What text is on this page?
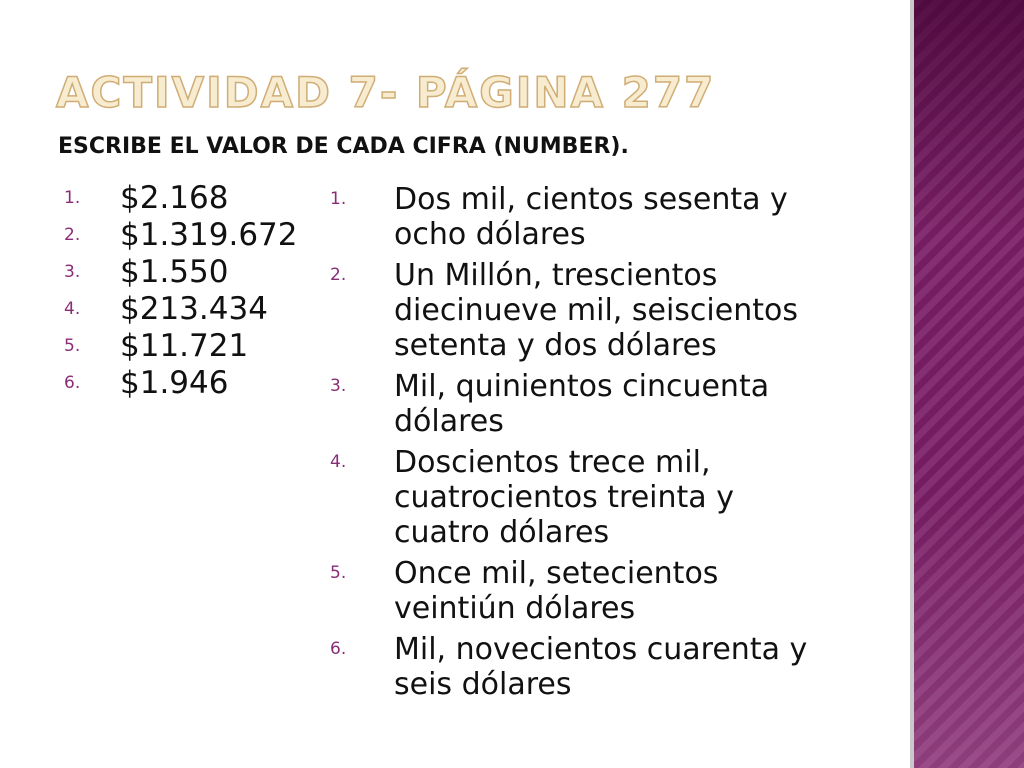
ACTIVIDAD 7- PÁGINA 277

ESCRIBE EL VALOR DE CADA CIFRA (NUMBER).

1. $2.168
2. $1.319.672
3. $1.550
4. $213.434
5. $11.721
6. $1.946
1. Dos mil, cientos sesenta y
ocho dólares
2. Un Millón, trescientos
diecinueve mil, seiscientos
setenta y dos dólares
3. Mil, quinientos cincuenta
dólares
4. Doscientos trece mil,
cuatrocientos treinta y
cuatro dólares
5. Once mil, setecientos
veintiún dólares
6. Mil, novecientos cuarenta y
seis dólares
